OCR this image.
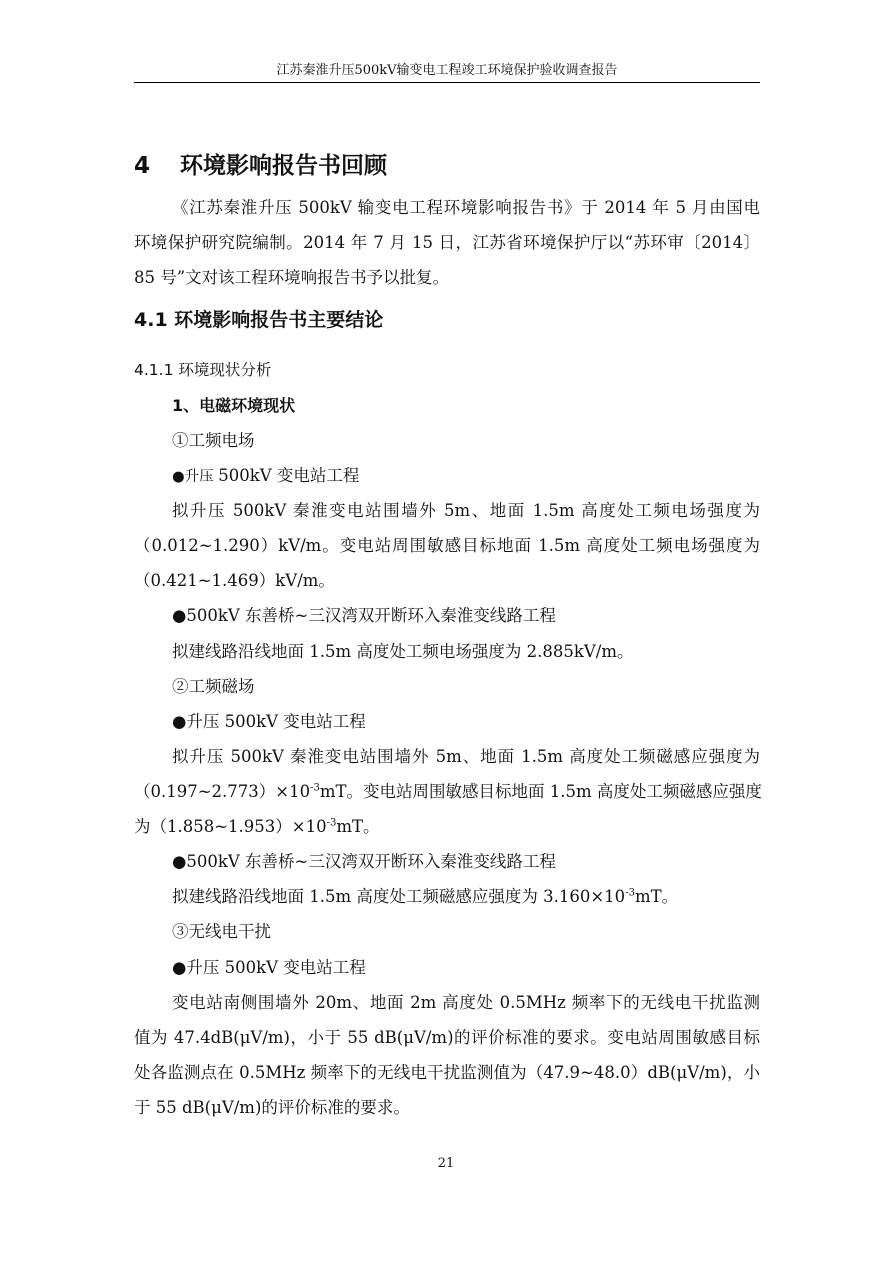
江苏秦淮升压500kV输变电工程竣工环境保护验收调查报告
4 环境影响报告书回顾
《江苏秦淮升压 500kV 输变电工程环境影响报告书》于 2014 年 5 月由国电
环境保护研究院编制。2014 年 7 月 15 日，江苏省环境保护厅以“苏环审〔2014〕
85 号”文对该工程环境响报告书予以批复。
4.1 环境影响报告书主要结论
4.1.1 环境现状分析
1、电磁环境现状
①工频电场
●升压 500kV 变电站工程
拟升压 500kV 秦淮变电站围墙外 5m、地面 1.5m 高度处工频电场强度为
（0.012~1.290）kV/m。变电站周围敏感目标地面 1.5m 高度处工频电场强度为
（0.421~1.469）kV/m。
●500kV 东善桥~三汉湾双开断环入秦淮变线路工程
拟建线路沿线地面 1.5m 高度处工频电场强度为 2.885kV/m。
②工频磁场
●升压 500kV 变电站工程
拟升压 500kV 秦淮变电站围墙外 5m、地面 1.5m 高度处工频磁感应强度为
$(0.197\sim 2.773)\times 10^{-3}mT$。变电站周围敏感目标地面 1.5m 高度处工频磁感应强度
为$(1.858\sim 1.953)\times 10^{-3}mT$。
●500kV 东善桥~三汉湾双开断环入秦淮变线路工程
拟建线路沿线地面 1.5m 高度处工频磁感应强度为 $3.160\times 10^{-3}mT$。
③无线电干扰
●升压 500kV 变电站工程
变电站南侧围墙外 20m、地面 2m 高度处 0.5MHz 频率下的无线电干扰监测
值为 47.4dB(μV/m)，小于 55 dB(μV/m)的评价标准的要求。变电站周围敏感目标
处各监测点在 0.5MHz 频率下的无线电干扰监测值为（47.9~48.0）dB(μV/m)，小
于 55 dB(μV/m)的评价标准的要求。
21
